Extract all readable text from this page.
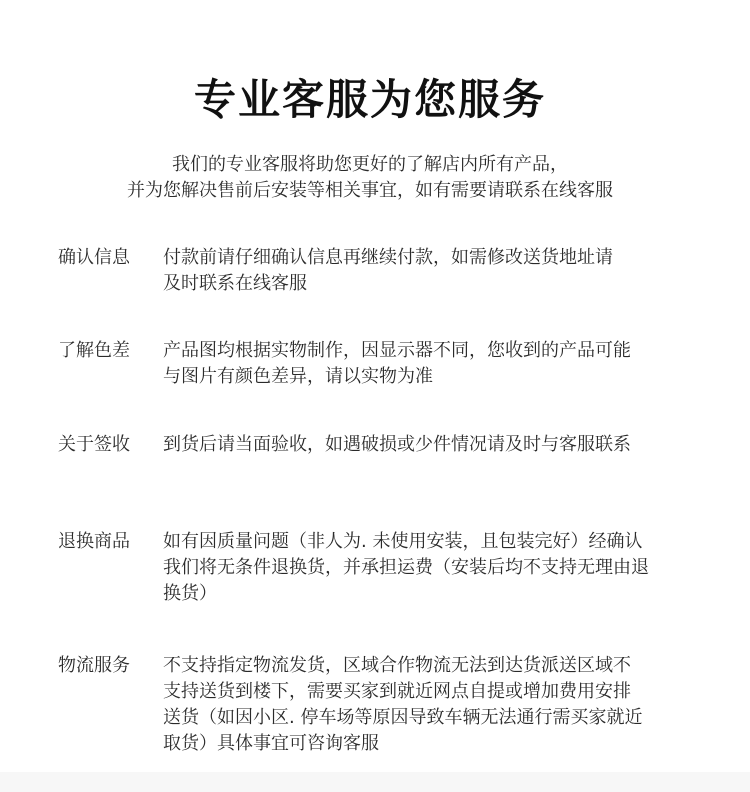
专业客服为您服务
我们的专业客服将助您更好的了解店内所有产品，
并为您解决售前后安装等相关事宜，如有需要请联系在线客服
确认信息	付款前请仔细确认信息再继续付款，如需修改送货地址请
及时联系在线客服
了解色差	产品图均根据实物制作，因显示器不同，您收到的产品可能
与图片有颜色差异，请以实物为准
关于签收	到货后请当面验收，如遇破损或少件情况请及时与客服联系
退换商品	如有因质量问题（非人为. 未使用安装，且包装完好）经确认
我们将无条件退换货，并承担运费（安装后均不支持无理由退
换货）
物流服务	不支持指定物流发货，区域合作物流无法到达货派送区域不
支持送货到楼下，需要买家到就近网点自提或增加费用安排
送货（如因小区. 停车场等原因导致车辆无法通行需买家就近
取货）具体事宜可咨询客服
